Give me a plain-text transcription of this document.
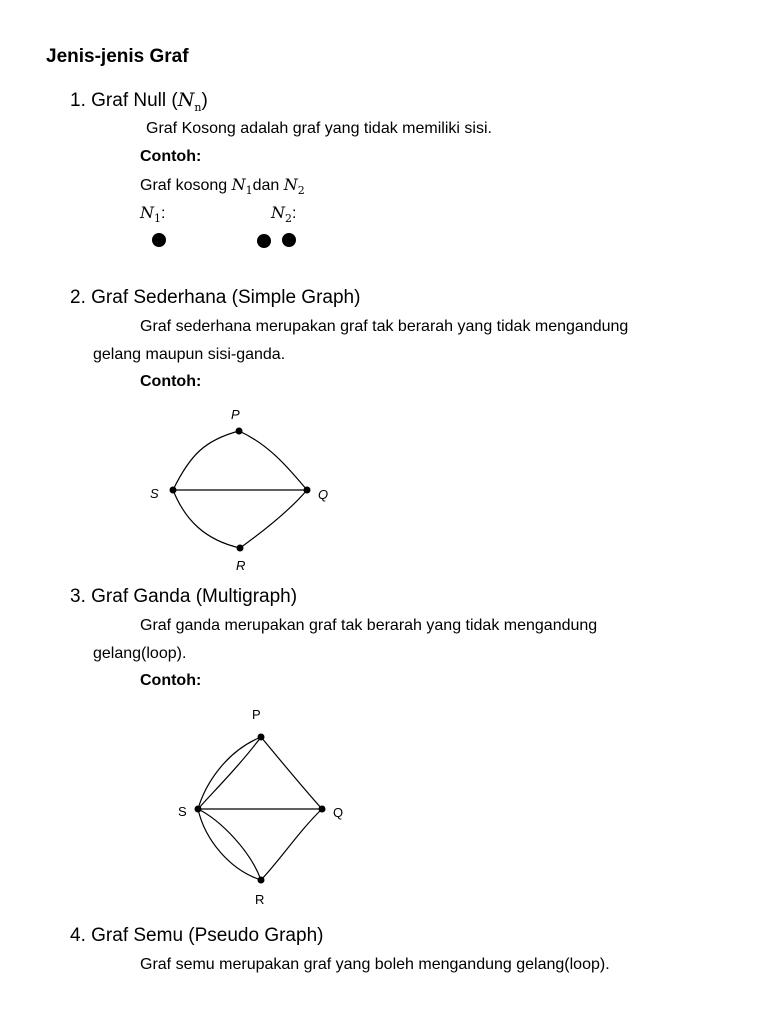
Jenis-jenis Graf
1. Graf Null $(N_n)$
Graf Kosong adalah graf yang tidak memiliki sisi.
Contoh:
Graf kosong $N_1dan$ $N_2$
$N_1$:	$N_2$:
2. Graf Sederhana (Simple Graph)
Graf sederhana merupakan graf tak berarah yang tidak mengandung
gelang maupun sisi-ganda.
Contoh:
P
Q
R
S
P
Q
R
S
3. Graf Ganda (Multigraph)
Graf ganda merupakan graf tak berarah yang tidak mengandung
gelang(loop).
Contoh:
4. Graf Semu (Pseudo Graph)
Graf semu merupakan graf yang boleh mengandung gelang(loop).
